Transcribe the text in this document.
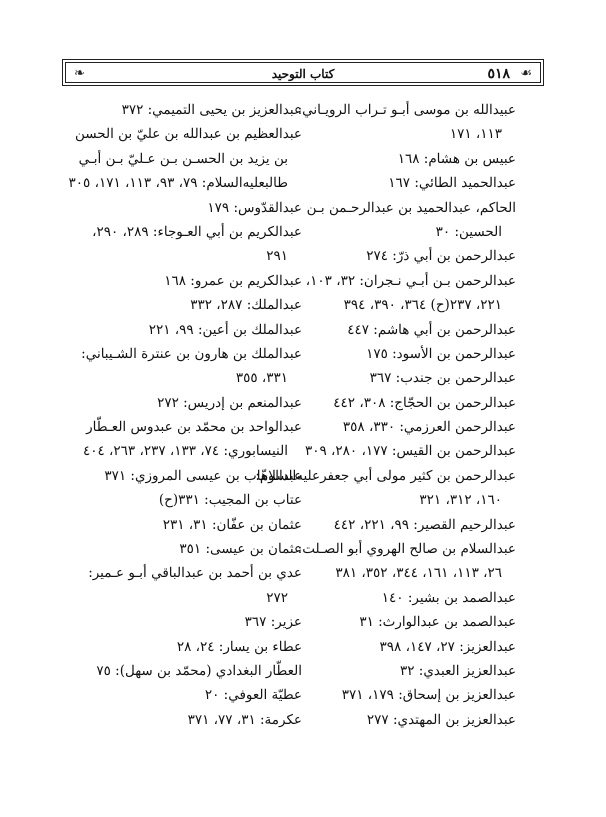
❧	كتاب التوحيد	٥١٨ ☙
عبيدالله بن موسى أبـو تـراب الرويـاني:
١١٣، ١٧١
عبيس بن هشام: ١٦٨
عبدالحميد الطائي: ١٦٧
الحاكم، عبدالحميد بن عبدالرحـمن بـن
الحسين: ٣٠
عبدالرحمن بن أبي ذرّ: ٢٧٤
عبدالرحمن بـن أبـي نـجران: ٣٢، ١٠٣،
٢٢١، ٢٣٧(ح) ٣٦٤، ٣٩٠، ٣٩٤
عبدالرحمن بن أبي هاشم: ٤٤٧
عبدالرحمن بن الأسود: ١٧٥
عبدالرحمن بن جندب: ٣٦٧
عبدالرحمن بن الحجّاج: ٣٠٨، ٤٤٢
عبدالرحمن العرزمي: ٣٣٠، ٣٥٨
عبدالرحمن بن القيس: ١٧٧، ٢٨٠، ٣٠٩
عبدالرحمن بن كثير مولى أبي جعفرعليه‌السلام:
١٦٠، ٣١٢، ٣٢١
عبدالرحيم القصير: ٩٩، ٢٢١، ٤٤٢
عبدالسلام بن صالح الهروي أبو الصـلت:
٢٦، ١١٣، ١٦١، ٣٤٤، ٣٥٢، ٣٨١
عبدالصمد بن بشير: ١٤٠
عبدالصمد بن عبدالوارث: ٣١
عبدالعزيز: ٢٧، ١٤٧، ٣٩٨
عبدالعزيز العبدي: ٣٢
عبدالعزيز بن إسحاق: ١٧٩، ٣٧١
عبدالعزيز بن المهتدي: ٢٧٧
عبدالعزيز بن يحيى التميمي: ٣٧٢
عبدالعظيم بن عبدالله بن عليّ بن الحسن
بن يزيد بن الحسـن بـن عـليّ بـن أبـي
طالبعليه‌السلام: ٧٩، ٩٣، ١١٣، ١٧١، ٣٠٥
عبدالقدّوس: ١٧٩
عبدالكريم بن أبي العـوجاء: ٢٨٩، ٢٩٠،
٢٩١
عبدالكريم بن عمرو: ١٦٨
عبدالملك: ٢٨٧، ٣٣٢
عبدالملك بن أعين: ٩٩، ٢٢١
عبدالملك بن هارون بن عنترة الشـيباني:
٣٣١، ٣٥٥
عبدالمنعم بن إدريس: ٢٧٢
عبدالواحد بن محمّد بن عبدوس العـطّار
النيسابوري: ٧٤، ١٣٣، ٢٣٧، ٢٦٣، ٤٠٤
عبدالوهّاب بن عيسى المروزي: ٣٧١
عتاب بن المجيب: ٣٣١(ح)
عثمان بن عفّان: ٣١، ٢٣١
عثمان بن عيسى: ٣٥١
عدي بن أحمد بن عبدالباقي أبـو عـمير:
٢٧٢
عزير: ٣٦٧
عطاء بن يسار: ٢٤، ٢٨
العطّار البغدادي (محمّد بن سهل): ٧٥
عطيّة العوفي: ٢٠
عكرمة: ٣١، ٧٧، ٣٧١
